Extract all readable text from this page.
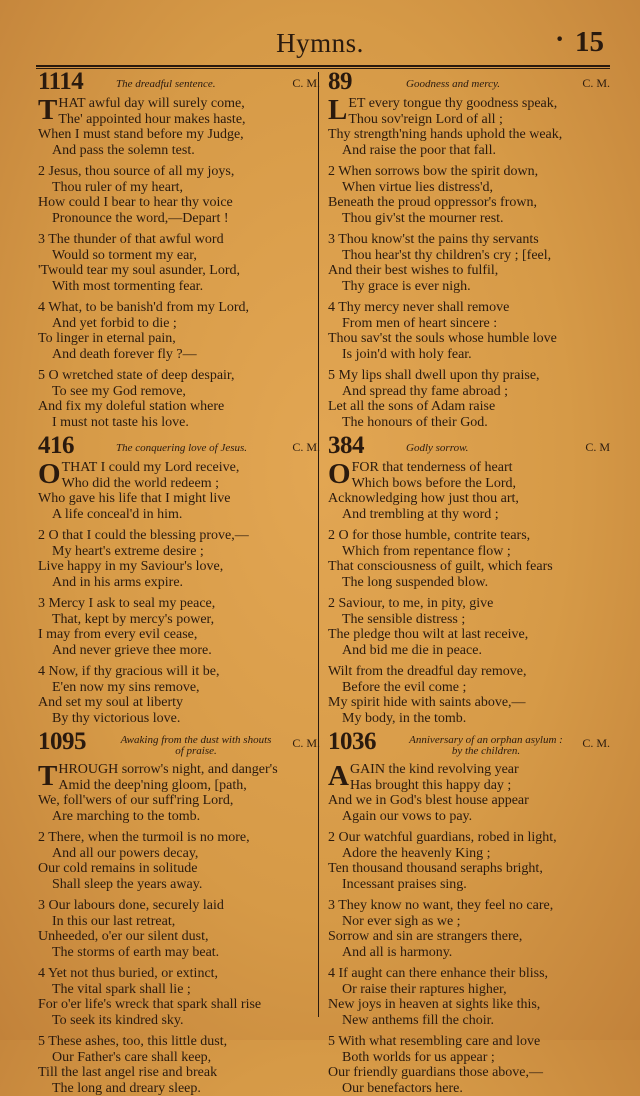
Hymns.
·	15
1114	The dreadful sentence.	C. M.
THAT awful day will surely come,
The' appointed hour makes haste,
When I must stand before my Judge,
And pass the solemn test.
2 Jesus, thou source of all my joys,
Thou ruler of my heart,
How could I bear to hear thy voice
Pronounce the word,—Depart !
3 The thunder of that awful word
Would so torment my ear,
'Twould tear my soul asunder, Lord,
With most tormenting fear.
4 What, to be banish'd from my Lord,
And yet forbid to die ;
To linger in eternal pain,
And death forever fly ?—
5 O wretched state of deep despair,
To see my God remove,
And fix my doleful station where
I must not taste his love.
416	The conquering love of Jesus.	C. M.
O THAT I could my Lord receive,
Who did the world redeem ;
Who gave his life that I might live
A life conceal'd in him.
2 O that I could the blessing prove,—
My heart's extreme desire ;
Live happy in my Saviour's love,
And in his arms expire.
3 Mercy I ask to seal my peace,
That, kept by mercy's power,
I may from every evil cease,
And never grieve thee more.
4 Now, if thy gracious will it be,
E'en now my sins remove,
And set my soul at liberty
By thy victorious love.
1095	Awaking from the dust with shouts of praise.
C. M.
THROUGH sorrow's night, and danger's
Amid the deep'ning gloom, [path,
We, foll'wers of our suff'ring Lord,
Are marching to the tomb.
2 There, when the turmoil is no more,
And all our powers decay,
Our cold remains in solitude
Shall sleep the years away.
3 Our labours done, securely laid
In this our last retreat,
Unheeded, o'er our silent dust,
The storms of earth may beat.
4 Yet not thus buried, or extinct,
The vital spark shall lie ;
For o'er life's wreck that spark shall rise
To seek its kindred sky.
5 These ashes, too, this little dust,
Our Father's care shall keep,
Till the last angel rise and break
The long and dreary sleep.
89	Goodness and mercy.	C. M.
LET every tongue thy goodness speak,
Thou sov'reign Lord of all ;
Thy strength'ning hands uphold the weak,
And raise the poor that fall.
2 When sorrows bow the spirit down,
When virtue lies distress'd,
Beneath the proud oppressor's frown,
Thou giv'st the mourner rest.
3 Thou know'st the pains thy servants
Thou hear'st thy children's cry ; [feel,
And their best wishes to fulfil,
Thy grace is ever nigh.
4 Thy mercy never shall remove
From men of heart sincere :
Thou sav'st the souls whose humble love
Is join'd with holy fear.
5 My lips shall dwell upon thy praise,
And spread thy fame abroad ;
Let all the sons of Adam raise
The honours of their God.
384	Godly sorrow.	C. M
O FOR that tenderness of heart
Which bows before the Lord,
Acknowledging how just thou art,
And trembling at thy word ;
2 O for those humble, contrite tears,
Which from repentance flow ;
That consciousness of guilt, which fears
The long suspended blow.
2 Saviour, to me, in pity, give
The sensible distress ;
The pledge thou wilt at last receive,
And bid me die in peace.
Wilt from the dreadful day remove,
Before the evil come ;
My spirit hide with saints above,—
My body, in the tomb.
1036	Anniversary of an orphan asylum : by the children.
C. M.
AGAIN the kind revolving year
Has brought this happy day ;
And we in God's blest house appear
Again our vows to pay.
2 Our watchful guardians, robed in light,
Adore the heavenly King ;
Ten thousand thousand seraphs bright,
Incessant praises sing.
3 They know no want, they feel no care,
Nor ever sigh as we ;
Sorrow and sin are strangers there,
And all is harmony.
4 If aught can there enhance their bliss,
Or raise their raptures higher,
New joys in heaven at sights like this,
New anthems fill the choir.
5 With what resembling care and love
Both worlds for us appear ;
Our friendly guardians those above,—
Our benefactors here.
